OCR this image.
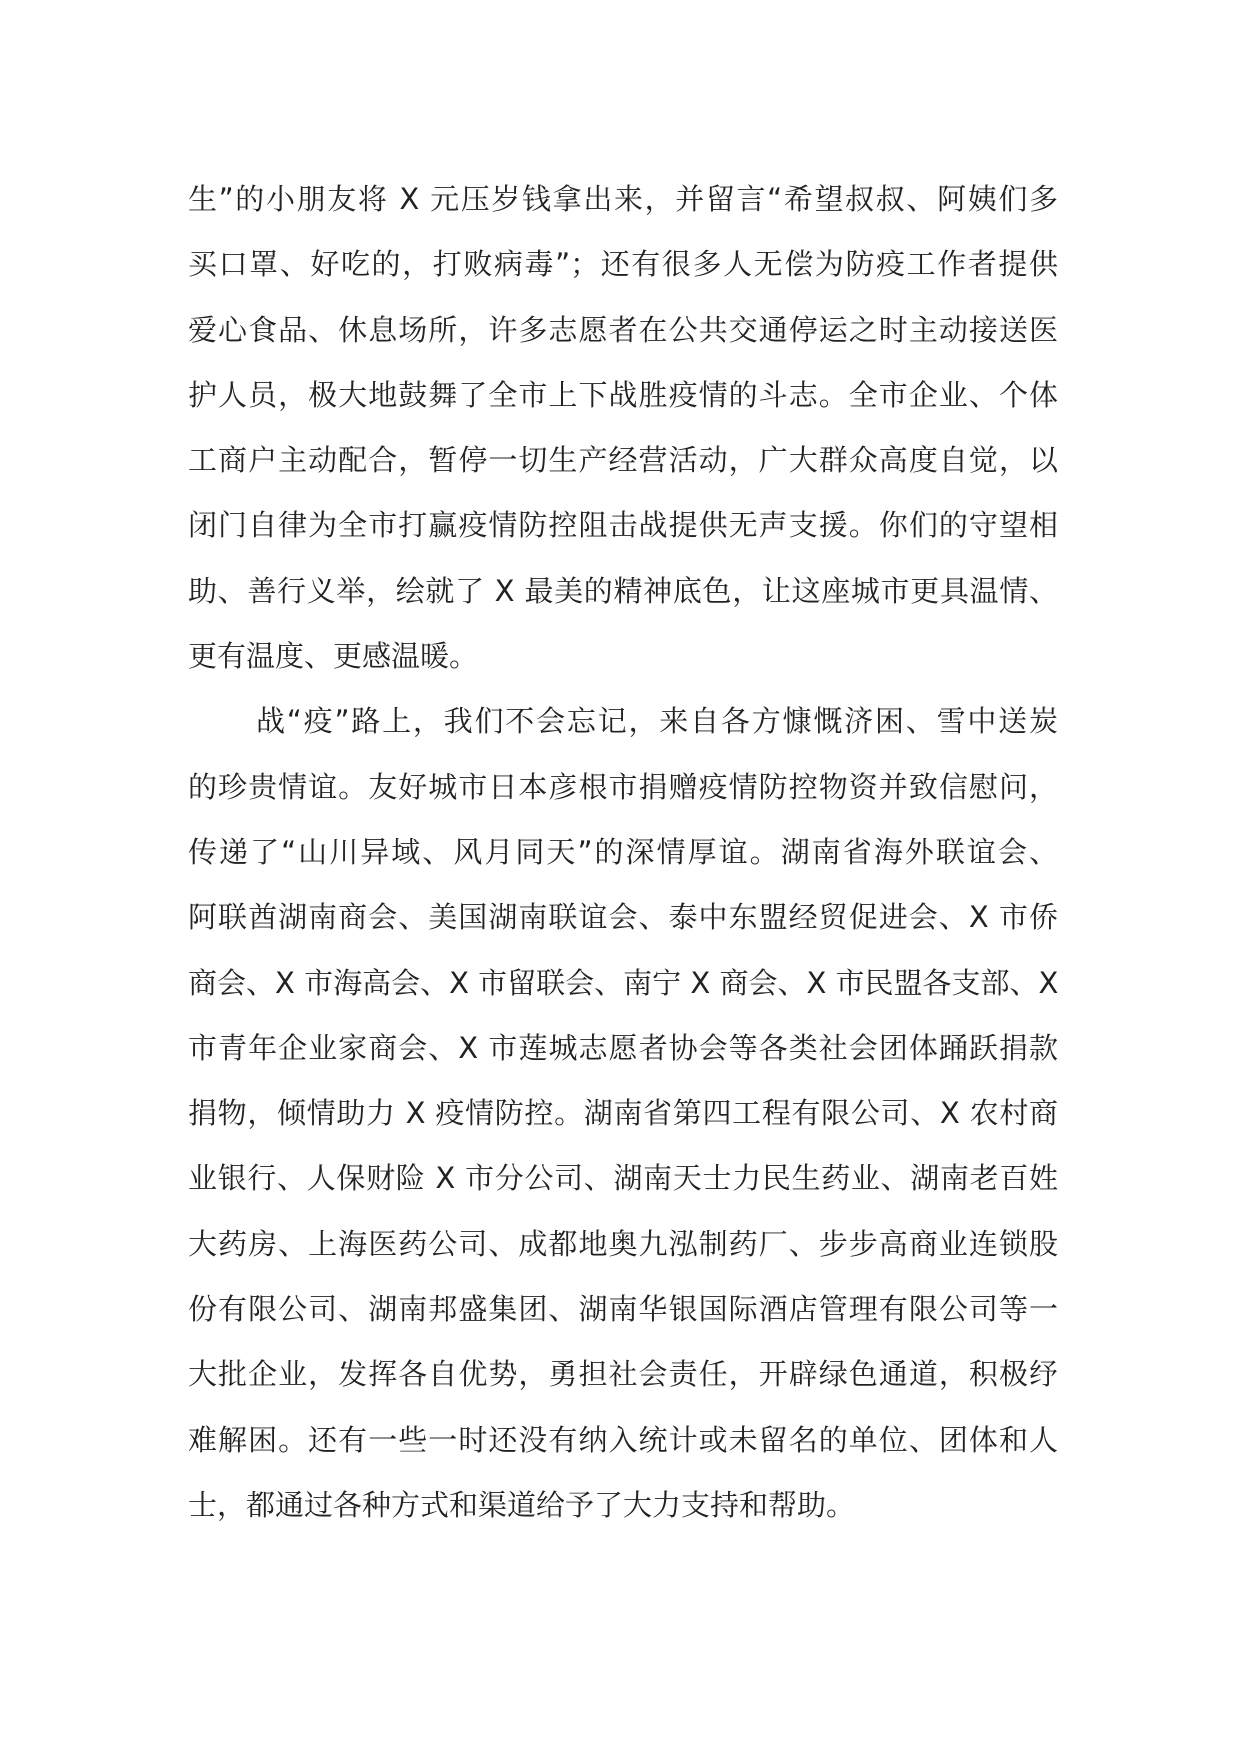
生”的小朋友将 X 元压岁钱拿出来，并留言“希望叔叔、阿姨们多
买口罩、好吃的，打败病毒”；还有很多人无偿为防疫工作者提供
爱心食品、休息场所，许多志愿者在公共交通停运之时主动接送医
护人员，极大地鼓舞了全市上下战胜疫情的斗志。全市企业、个体
工商户主动配合，暂停一切生产经营活动，广大群众高度自觉，以
闭门自律为全市打赢疫情防控阻击战提供无声支援。你们的守望相
助、善行义举，绘就了 X 最美的精神底色，让这座城市更具温情、
更有温度、更感温暖。
战“疫”路上，我们不会忘记，来自各方慷慨济困、雪中送炭
的珍贵情谊。友好城市日本彦根市捐赠疫情防控物资并致信慰问，
传递了“山川异域、风月同天”的深情厚谊。湖南省海外联谊会、
阿联酋湖南商会、美国湖南联谊会、泰中东盟经贸促进会、X 市侨
商会、X 市海高会、X 市留联会、南宁 X 商会、X 市民盟各支部、X
市青年企业家商会、X 市莲城志愿者协会等各类社会团体踊跃捐款
捐物，倾情助力 X 疫情防控。湖南省第四工程有限公司、X 农村商
业银行、人保财险 X 市分公司、湖南天士力民生药业、湖南老百姓
大药房、上海医药公司、成都地奥九泓制药厂、步步高商业连锁股
份有限公司、湖南邦盛集团、湖南华银国际酒店管理有限公司等一
大批企业，发挥各自优势，勇担社会责任，开辟绿色通道，积极纾
难解困。还有一些一时还没有纳入统计或未留名的单位、团体和人
士，都通过各种方式和渠道给予了大力支持和帮助。
